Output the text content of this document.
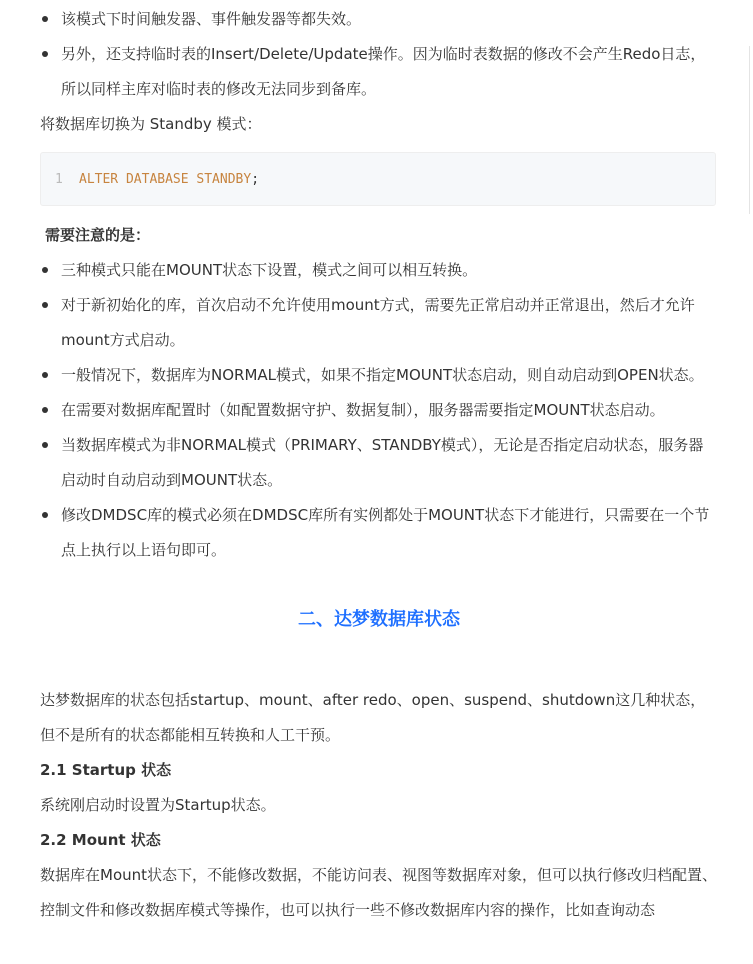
该模式下时间触发器、事件触发器等都失效。
另外，还支持临时表的Insert/Delete/Update操作。因为临时表数据的修改不会产生Redo日志，所以同样主库对临时表的修改无法同步到备库。

将数据库切换为 Standby 模式：

1	ALTER DATABASE STANDBY ;

需要注意的是：

三种模式只能在MOUNT状态下设置，模式之间可以相互转换。
对于新初始化的库，首次启动不允许使用mount方式，需要先正常启动并正常退出，然后才允许mount方式启动。
一般情况下，数据库为NORMAL模式，如果不指定MOUNT状态启动，则自动启动到OPEN状态。
在需要对数据库配置时（如配置数据守护、数据复制），服务器需要指定MOUNT状态启动。
当数据库模式为非NORMAL模式（PRIMARY、STANDBY模式），无论是否指定启动状态，服务器启动时自动启动到MOUNT状态。
修改DMDSC库的模式必须在DMDSC库所有实例都处于MOUNT状态下才能进行，只需要在一个节点上执行以上语句即可。
二、达梦数据库状态

达梦数据库的状态包括startup、mount、after redo、open、suspend、shutdown这几种状态，但不是所有的状态都能相互转换和人工干预。

2.1 Startup 状态

系统刚启动时设置为Startup状态。

2.2 Mount 状态

数据库在Mount状态下，不能修改数据，不能访问表、视图等数据库对象，但可以执行修改归档配置、控制文件和修改数据库模式等操作，也可以执行一些不修改数据库内容的操作，比如查询动态
